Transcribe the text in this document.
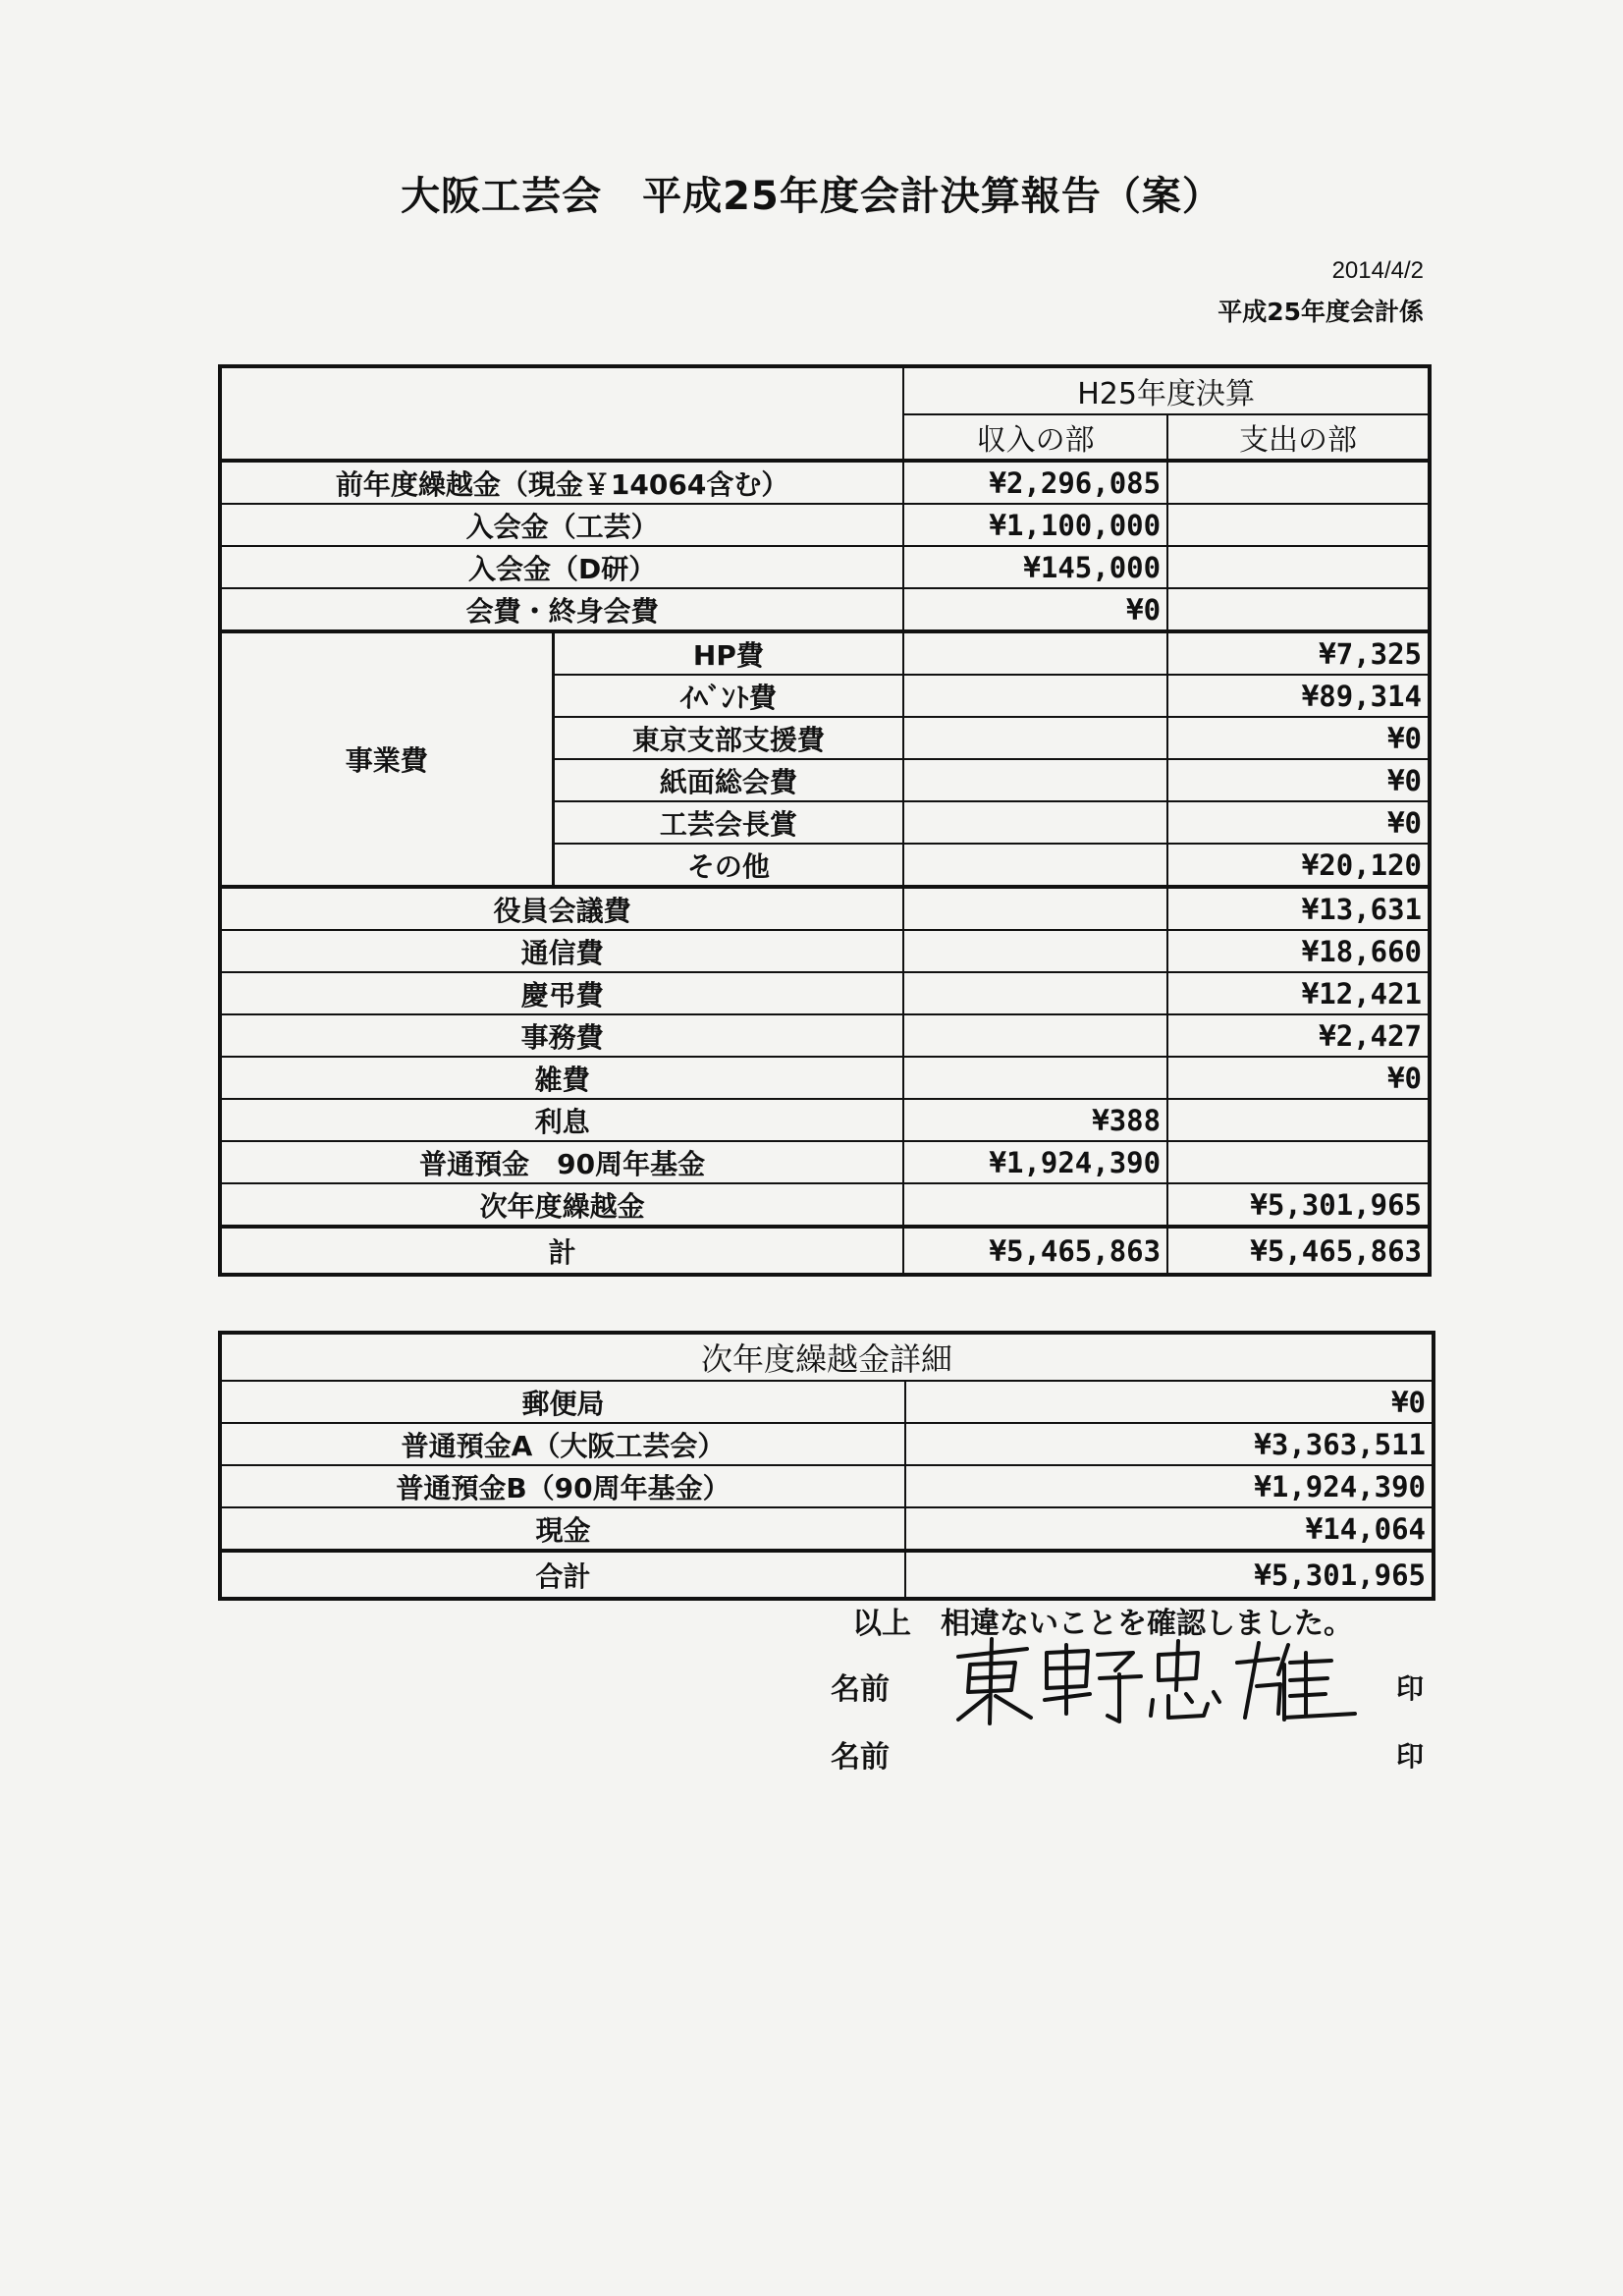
大阪工芸会　平成25年度会計決算報告（案）
2014/4/2
平成25年度会計係
		H25年度決算	
		収入の部	支出の部
前年度繰越金（現金￥14064含む）		¥2,296,085	
入会金（工芸）		¥1,100,000	
入会金（D研）		¥145,000	
会費・終身会費		¥0	
事業費	HP費		¥7,325
	ｲﾍﾞﾝﾄ費		¥89,314
	東京支部支援費		¥0
	紙面総会費		¥0
	工芸会長賞		¥0
	その他		¥20,120
役員会議費			¥13,631
通信費			¥18,660
慶弔費			¥12,421
事務費			¥2,427
雑費			¥0
利息		¥388	
普通預金　90周年基金		¥1,924,390	
次年度繰越金			¥5,301,965
計		¥5,465,863	¥5,465,863
次年度繰越金詳細	
郵便局	¥0
普通預金A（大阪工芸会）	¥3,363,511
普通預金B（90周年基金）	¥1,924,390
現金	¥14,064
合計	¥5,301,965
以上　相違ないことを確認しました。
名前	印
名前	印
